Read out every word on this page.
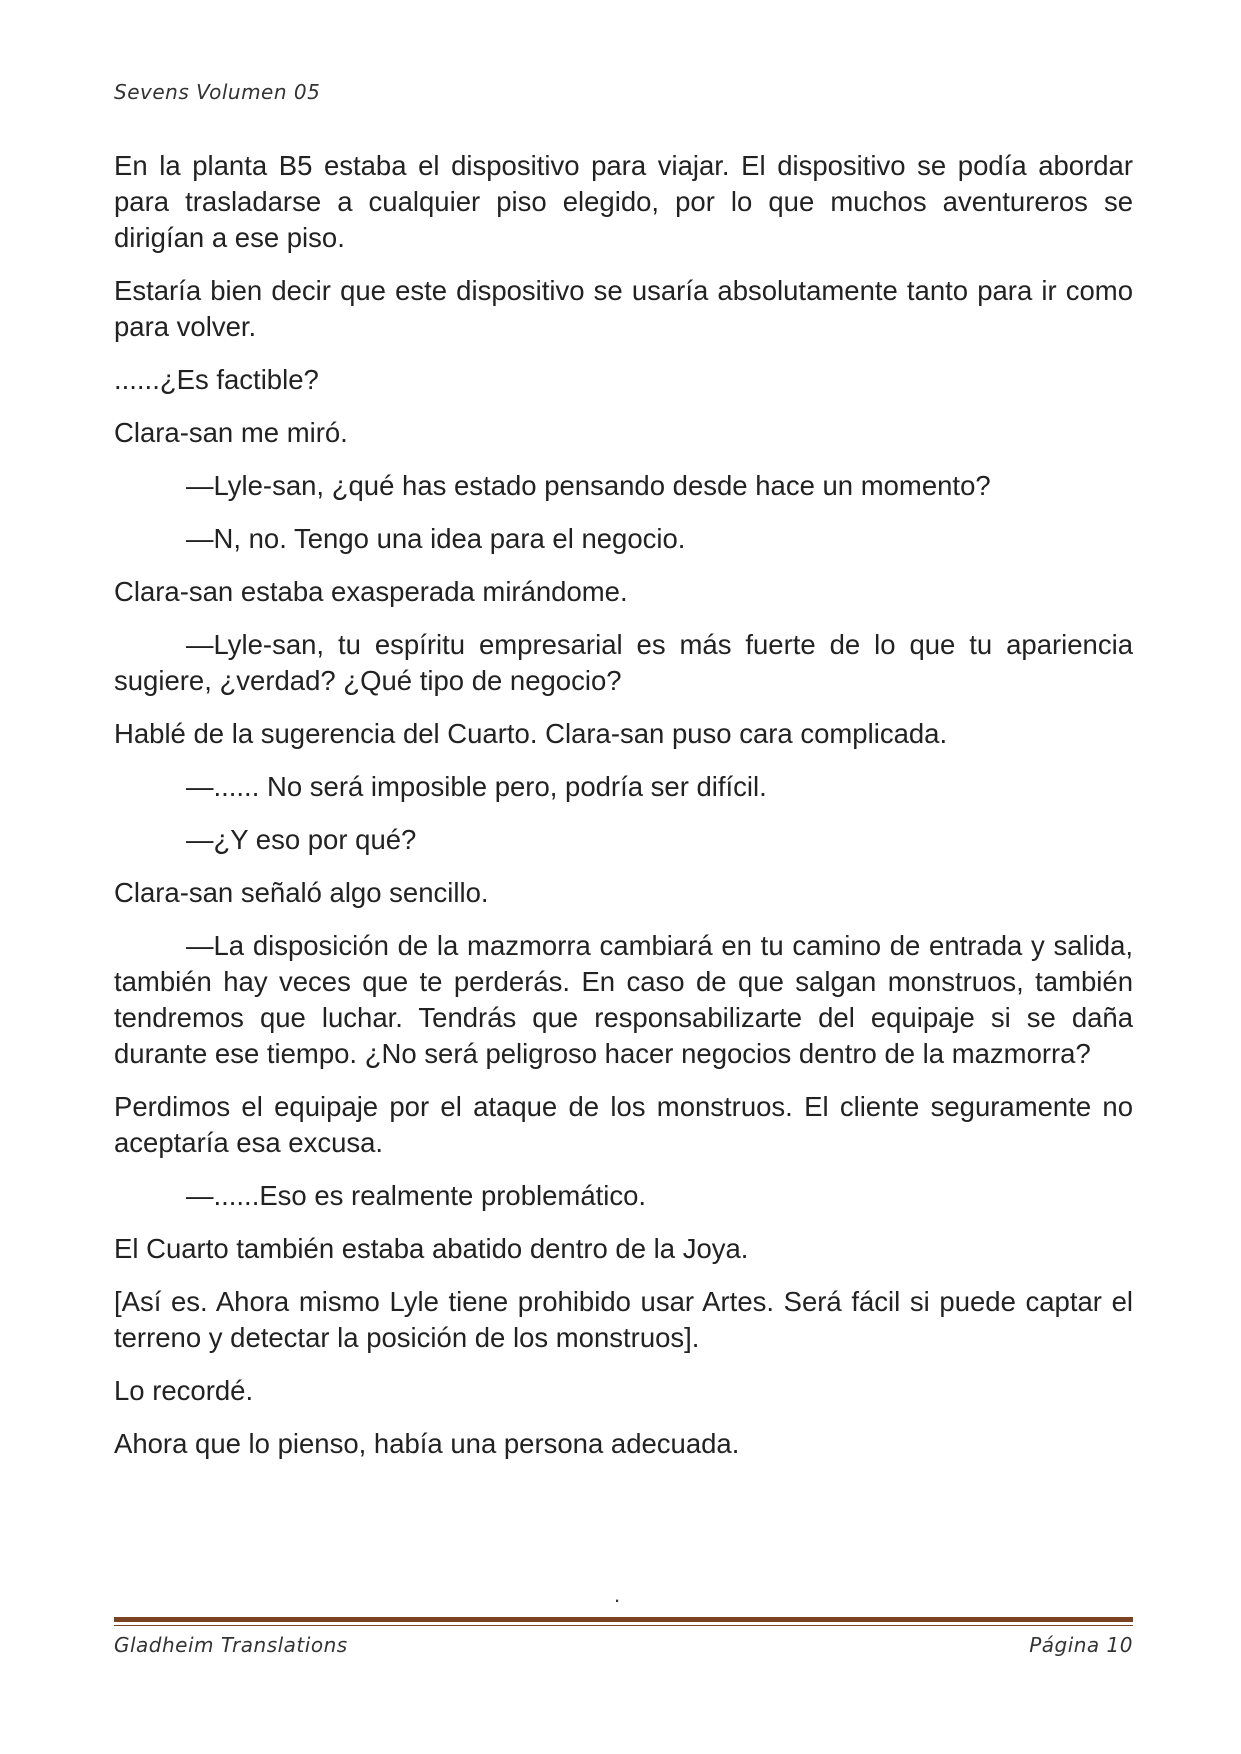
Sevens Volumen 05

En la planta B5 estaba el dispositivo para viajar. El dispositivo se podía abordar para trasladarse a cualquier piso elegido, por lo que muchos aventureros se dirigían a ese piso.

Estaría bien decir que este dispositivo se usaría absolutamente tanto para ir como para volver.

......¿Es factible?

Clara-san me miró.

—Lyle-san, ¿qué has estado pensando desde hace un momento?

—N, no. Tengo una idea para el negocio.

Clara-san estaba exasperada mirándome.

—Lyle-san, tu espíritu empresarial es más fuerte de lo que tu apariencia sugiere, ¿verdad? ¿Qué tipo de negocio?

Hablé de la sugerencia del Cuarto. Clara-san puso cara complicada.

—...... No será imposible pero, podría ser difícil.

—¿Y eso por qué?

Clara-san señaló algo sencillo.

—La disposición de la mazmorra cambiará en tu camino de entrada y salida, también hay veces que te perderás. En caso de que salgan monstruos, también tendremos que luchar. Tendrás que responsabilizarte del equipaje si se daña durante ese tiempo. ¿No será peligroso hacer negocios dentro de la mazmorra?

Perdimos el equipaje por el ataque de los monstruos. El cliente seguramente no aceptaría esa excusa.

—......Eso es realmente problemático.

El Cuarto también estaba abatido dentro de la Joya.

[Así es. Ahora mismo Lyle tiene prohibido usar Artes. Será fácil si puede captar el terreno y detectar la posición de los monstruos].

Lo recordé.

Ahora que lo pienso, había una persona adecuada.

.
Gladheim Translations	Página 10
